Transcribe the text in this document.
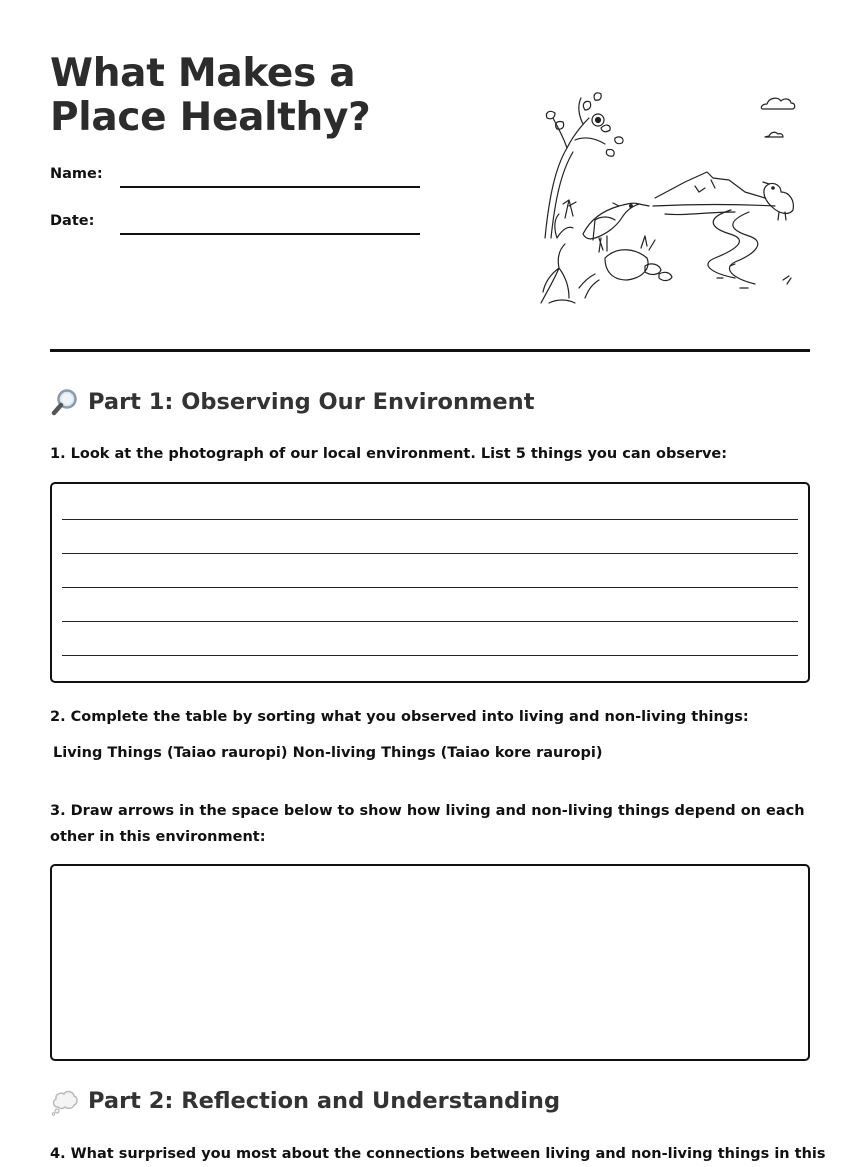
What Makes a Place Healthy?
Name:
Date:
Part 1: Observing Our Environment
1. Look at the photograph of our local environment. List 5 things you can observe:
2. Complete the table by sorting what you observed into living and non-living things:
Living Things (Taiao rauropi) Non-living Things (Taiao kore rauropi)
3. Draw arrows in the space below to show how living and non-living things depend on each other in this environment:
Part 2: Reflection and Understanding
4. What surprised you most about the connections between living and non-living things in this
